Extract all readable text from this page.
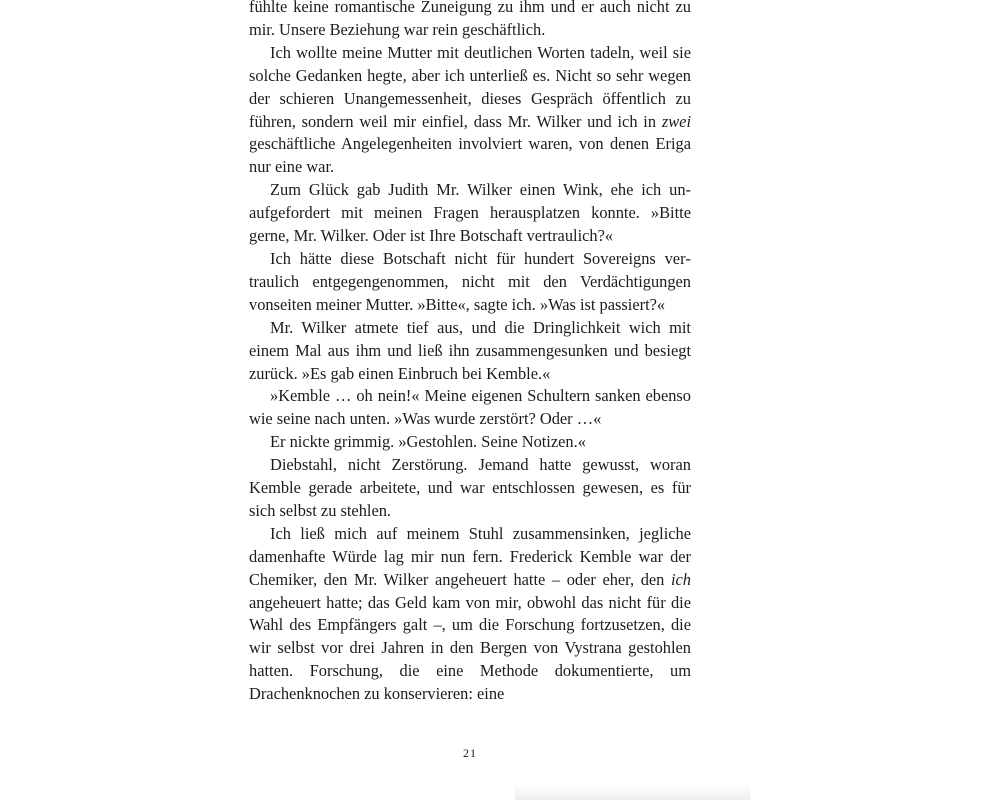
fühlte keine romantische Zuneigung zu ihm und er auch nicht zu mir. Unsere Beziehung war rein geschäftlich.

Ich wollte meine Mutter mit deutlichen Worten tadeln, weil sie solche Gedanken hegte, aber ich unterließ es. Nicht so sehr wegen der schieren Unangemessenheit, dieses Gespräch öffentlich zu führen, sondern weil mir einfiel, dass Mr. Wilker und ich in zwei geschäftliche Angelegenheiten involviert waren, von denen Eriga nur eine war.

Zum Glück gab Judith Mr. Wilker einen Wink, ehe ich unaufgefordert mit meinen Fragen herausplatzen konnte. »Bitte gerne, Mr. Wilker. Oder ist Ihre Botschaft vertraulich?«

Ich hätte diese Botschaft nicht für hundert Sovereigns vertraulich entgegengenommen, nicht mit den Verdächtigungen vonseiten meiner Mutter. »Bitte«, sagte ich. »Was ist passiert?«

Mr. Wilker atmete tief aus, und die Dringlichkeit wich mit einem Mal aus ihm und ließ ihn zusammengesunken und besiegt zurück. »Es gab einen Einbruch bei Kemble.«

»Kemble … oh nein!« Meine eigenen Schultern sanken ebenso wie seine nach unten. »Was wurde zerstört? Oder …«

Er nickte grimmig. »Gestohlen. Seine Notizen.«

Diebstahl, nicht Zerstörung. Jemand hatte gewusst, woran Kemble gerade arbeitete, und war entschlossen gewesen, es für sich selbst zu stehlen.

Ich ließ mich auf meinem Stuhl zusammensinken, jegliche damenhafte Würde lag mir nun fern. Frederick Kemble war der Chemiker, den Mr. Wilker angeheuert hatte – oder eher, den ich angeheuert hatte; das Geld kam von mir, obwohl das nicht für die Wahl des Empfängers galt –, um die Forschung fortzusetzen, die wir selbst vor drei Jahren in den Bergen von Vystrana gestohlen hatten. Forschung, die eine Methode dokumentierte, um Drachenknochen zu konservieren: eine

21
